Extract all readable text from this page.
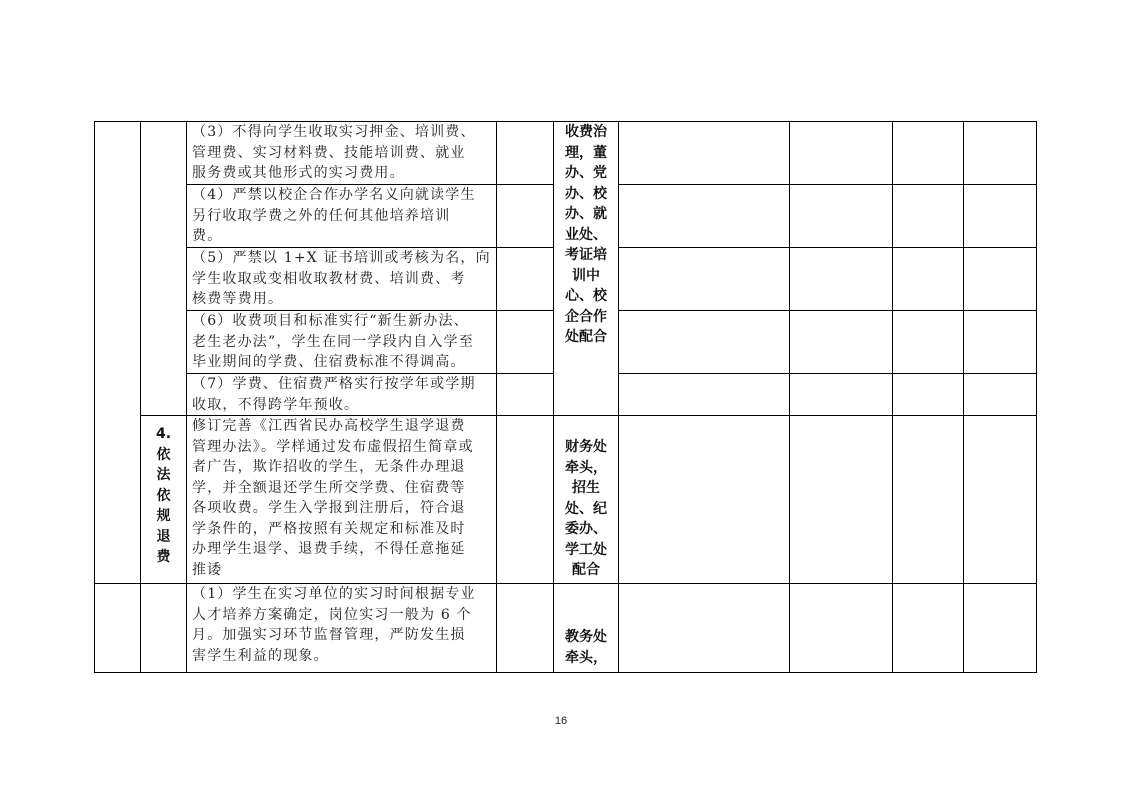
（3）不得向学生收取实习押金、培训费、
管理费、实习材料费、技能培训费、就业
服务费或其他形式的实习费用。
（4）严禁以校企合作办学名义向就读学生
另行收取学费之外的任何其他培养培训
费。
（5）严禁以 1+X 证书培训或考核为名，向
学生收取或变相收取教材费、培训费、考
核费等费用。
（6）收费项目和标准实行“新生新办法、
老生老办法”，学生在同一学段内自入学至
毕业期间的学费、住宿费标准不得调高。
（7）学费、住宿费严格实行按学年或学期
收取，不得跨学年预收。
修订完善《江西省民办高校学生退学退费
管理办法》。学样通过发布虚假招生简章或
者广告，欺诈招收的学生，无条件办理退
学，并全额退还学生所交学费、住宿费等
各项收费。学生入学报到注册后，符合退
学条件的，严格按照有关规定和标准及时
办理学生退学、退费手续，不得任意拖延
推诿
（1）学生在实习单位的实习时间根据专业
人才培养方案确定，岗位实习一般为 6 个
月。加强实习环节监督管理，严防发生损
害学生利益的现象。
4.
依
法
依
规
退
费
收费治
理，董
办、党
办、校
办、就
业处、
考证培
训中
心、校
企合作
处配合
财务处
牵头，
招生
处、纪
委办、
学工处
配合
教务处
牵头，
16
